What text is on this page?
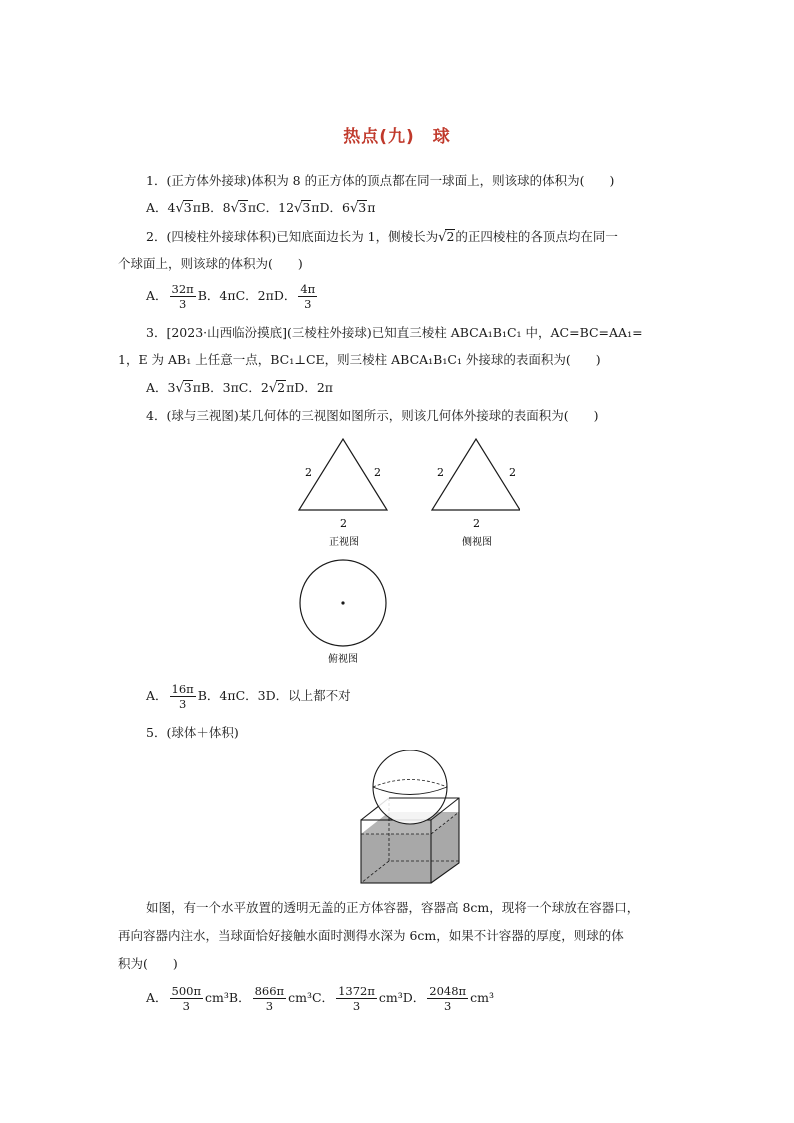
热点(九)　球
1．(正方体外接球)体积为 8 的正方体的顶点都在同一球面上，则该球的体积为(　　)
A．4√3πB．8√3πC．12√3πD．6√3π
2．(四棱柱外接球体积)已知底面边长为 1，侧棱长为√2的正四棱柱的各顶点均在同一
个球面上，则该球的体积为(　　)
A． $\frac{32\pi}{3}$ B．4πC．2πD． $\frac{4\pi}{3}$
3．[2023·山西临汾摸底](三棱柱外接球)已知直三棱柱 ABCA₁B₁C₁ 中，AC=BC=AA₁=
1，E 为 AB₁ 上任意一点，BC₁⊥CE，则三棱柱 ABCA₁B₁C₁ 外接球的表面积为(　　)
A．3√3πB．3πC．2√2πD．2π
4．(球与三视图)某几何体的三视图如图所示，则该几何体外接球的表面积为(　　)
2	2
2
正视图
2	2
2
侧视图
俯视图
A． $\frac{16\pi}{3}$ B．4πC．3D．以上都不对
5．(球体＋体积)
如图，有一个水平放置的透明无盖的正方体容器，容器高 8cm，现将一个球放在容器口，
再向容器内注水，当球面恰好接触水面时测得水深为 6cm，如果不计容器的厚度，则球的体
积为(　　)
A． $\frac{500\pi}{3} cm^3B$． $\frac{866\pi}{3} cm^3C$． $\frac{1372\pi}{3} cm^3D$． $\frac{2048\pi}{3} cm^3$
